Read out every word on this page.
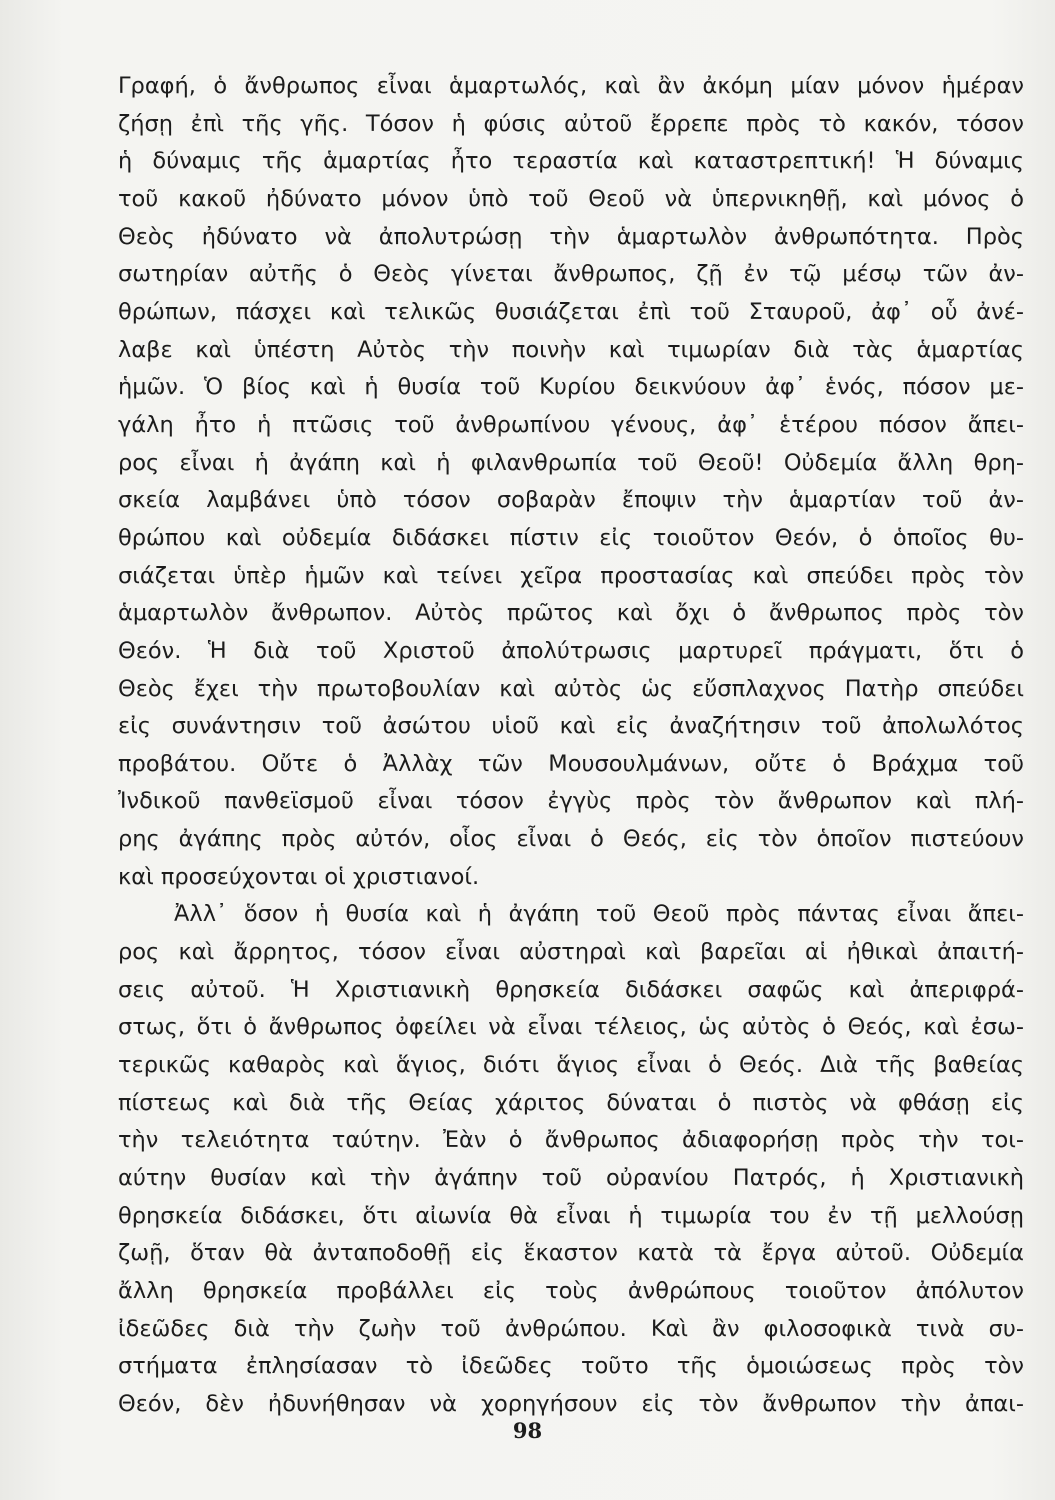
Γραφή, ὁ ἄνθρωπος εἶναι ἁμαρτωλός, καὶ ἂν ἀκόμη μίαν μόνον ἡμέραν
ζήσῃ ἐπὶ τῆς γῆς. Τόσον ἡ φύσις αὐτοῦ ἔρρεπε πρὸς τὸ κακόν, τόσον
ἡ δύναμις τῆς ἁμαρτίας ἦτο τεραστία καὶ καταστρεπτική! Ἡ δύναμις
τοῦ κακοῦ ἠδύνατο μόνον ὑπὸ τοῦ Θεοῦ νὰ ὑπερνικηθῇ, καὶ μόνος ὁ
Θεὸς ἠδύνατο νὰ ἀπολυτρώσῃ τὴν ἁμαρτωλὸν ἀνθρωπότητα. Πρὸς
σωτηρίαν αὐτῆς ὁ Θεὸς γίνεται ἄνθρωπος, ζῇ ἐν τῷ μέσῳ τῶν ἀν-
θρώπων, πάσχει καὶ τελικῶς θυσιάζεται ἐπὶ τοῦ Σταυροῦ, ἀφ᾿ οὗ ἀνέ-
λαβε καὶ ὑπέστη Αὐτὸς τὴν ποινὴν καὶ τιμωρίαν διὰ τὰς ἁμαρτίας
ἡμῶν. Ὁ βίος καὶ ἡ θυσία τοῦ Κυρίου δεικνύουν ἀφ᾿ ἑνός, πόσον με-
γάλη ἦτο ἡ πτῶσις τοῦ ἀνθρωπίνου γένους, ἀφ᾿ ἑτέρου πόσον ἄπει-
ρος εἶναι ἡ ἀγάπη καὶ ἡ φιλανθρωπία τοῦ Θεοῦ! Οὐδεμία ἄλλη θρη-
σκεία λαμβάνει ὑπὸ τόσον σοβαρὰν ἔποψιν τὴν ἁμαρτίαν τοῦ ἀν-
θρώπου καὶ οὐδεμία διδάσκει πίστιν εἰς τοιοῦτον Θεόν, ὁ ὁποῖος θυ-
σιάζεται ὑπὲρ ἡμῶν καὶ τείνει χεῖρα προστασίας καὶ σπεύδει πρὸς τὸν
ἁμαρτωλὸν ἄνθρωπον. Αὐτὸς πρῶτος καὶ ὄχι ὁ ἄνθρωπος πρὸς τὸν
Θεόν. Ἡ διὰ τοῦ Χριστοῦ ἀπολύτρωσις μαρτυρεῖ πράγματι, ὅτι ὁ
Θεὸς ἔχει τὴν πρωτοβουλίαν καὶ αὐτὸς ὡς εὔσπλαχνος Πατὴρ σπεύδει
εἰς συνάντησιν τοῦ ἀσώτου υἱοῦ καὶ εἰς ἀναζήτησιν τοῦ ἀπολωλότος
προβάτου. Οὔτε ὁ Ἀλλὰχ τῶν Μουσουλμάνων, οὔτε ὁ Βράχμα τοῦ
Ἰνδικοῦ πανθεϊσμοῦ εἶναι τόσον ἐγγὺς πρὸς τὸν ἄνθρωπον καὶ πλή-
ρης ἀγάπης πρὸς αὐτόν, οἷος εἶναι ὁ Θεός, εἰς τὸν ὁποῖον πιστεύουν
καὶ προσεύχονται οἱ χριστιανοί.
Ἀλλ᾿ ὅσον ἡ θυσία καὶ ἡ ἀγάπη τοῦ Θεοῦ πρὸς πάντας εἶναι ἄπει-
ρος καὶ ἄρρητος, τόσον εἶναι αὐστηραὶ καὶ βαρεῖαι αἱ ἠθικαὶ ἀπαιτή-
σεις αὐτοῦ. Ἡ Χριστιανικὴ θρησκεία διδάσκει σαφῶς καὶ ἀπεριφρά-
στως, ὅτι ὁ ἄνθρωπος ὀφείλει νὰ εἶναι τέλειος, ὡς αὐτὸς ὁ Θεός, καὶ ἐσω-
τερικῶς καθαρὸς καὶ ἅγιος, διότι ἅγιος εἶναι ὁ Θεός. Διὰ τῆς βαθείας
πίστεως καὶ διὰ τῆς Θείας χάριτος δύναται ὁ πιστὸς νὰ φθάσῃ εἰς
τὴν τελειότητα ταύτην. Ἐὰν ὁ ἄνθρωπος ἀδιαφορήσῃ πρὸς τὴν τοι-
αύτην θυσίαν καὶ τὴν ἀγάπην τοῦ οὐρανίου Πατρός, ἡ Χριστιανικὴ
θρησκεία διδάσκει, ὅτι αἰωνία θὰ εἶναι ἡ τιμωρία του ἐν τῇ μελλούσῃ
ζωῇ, ὅταν θὰ ἀνταποδοθῇ εἰς ἕκαστον κατὰ τὰ ἔργα αὐτοῦ. Οὐδεμία
ἄλλη θρησκεία προβάλλει εἰς τοὺς ἀνθρώπους τοιοῦτον ἀπόλυτον
ἰδεῶδες διὰ τὴν ζωὴν τοῦ ἀνθρώπου. Καὶ ἂν φιλοσοφικὰ τινὰ συ-
στήματα ἐπλησίασαν τὸ ἰδεῶδες τοῦτο τῆς ὁμοιώσεως πρὸς τὸν
Θεόν, δὲν ἠδυνήθησαν νὰ χορηγήσουν εἰς τὸν ἄνθρωπον τὴν ἀπαι-
98
